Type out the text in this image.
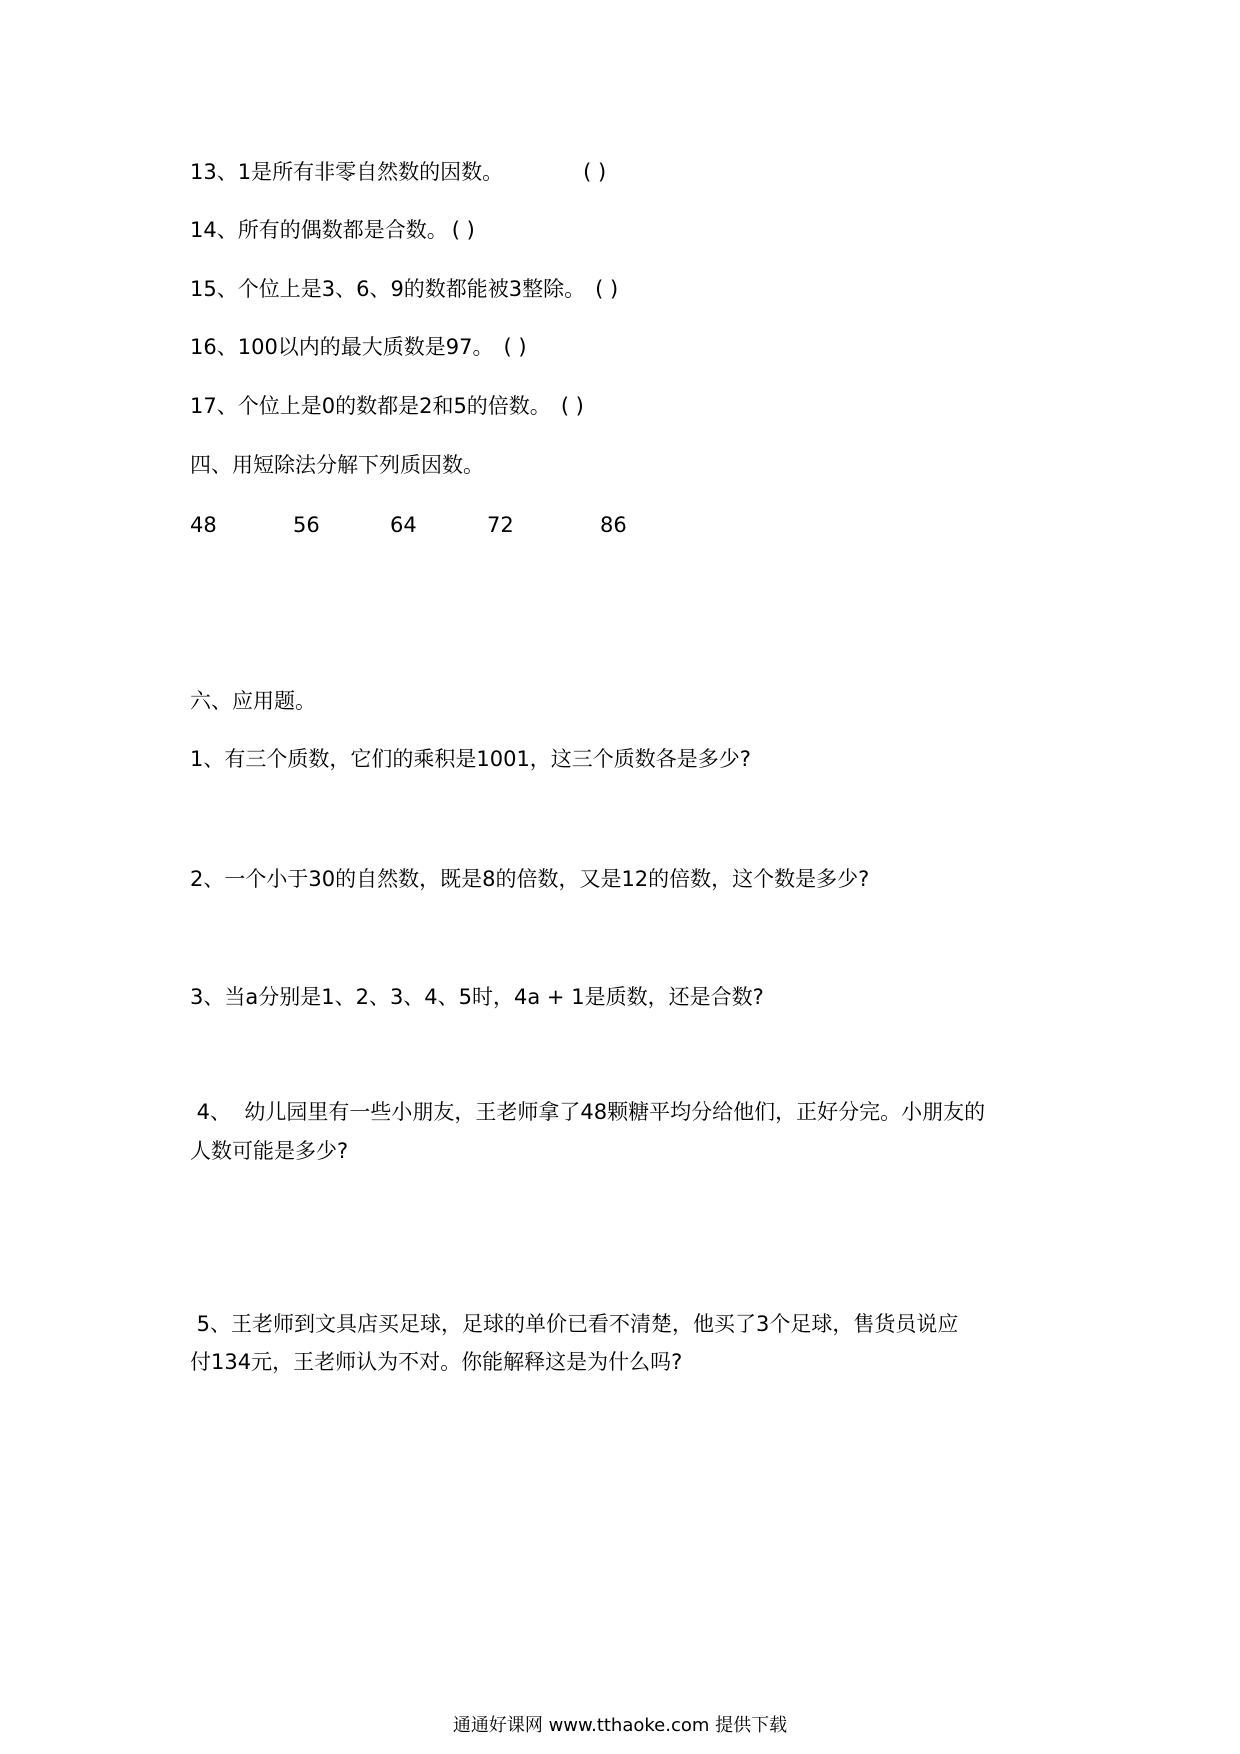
13、1是所有非零自然数的因数。	( )
14、所有的偶数都是合数。 ( )
15、个位上是3、6、9的数都能被3整除。 ( )
16、100以内的最大质数是97。 ( )
17、个位上是0的数都是2和5的倍数。 ( )
四、用短除法分解下列质因数。
48	56	64	72	86
六、应用题。
1、有三个质数，它们的乘积是1001，这三个质数各是多少?
2、一个小于30的自然数，既是8的倍数，又是12的倍数，这个数是多少?
3、当a分别是1、2、3、4、5时，4a + 1是质数，还是合数?
4、  幼儿园里有一些小朋友，王老师拿了48颗糖平均分给他们，正好分完。小朋友的
人数可能是多少?
5、王老师到文具店买足球，足球的单价已看不清楚，他买了3个足球，售货员说应
付134元，王老师认为不对。你能解释这是为什么吗?
通通好课网 www.tthaoke.com 提供下载
